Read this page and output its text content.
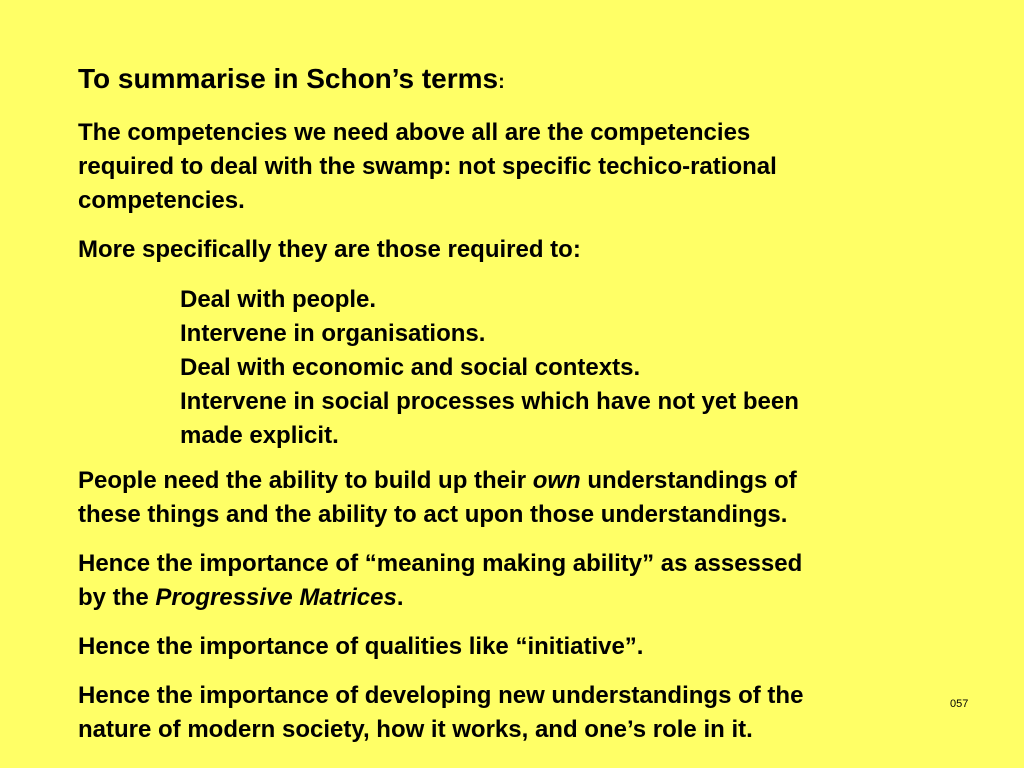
To summarise in Schon’s terms:

The competencies we need above all are the competencies
required to deal with the swamp: not specific techico-rational
competencies.

More specifically they are those required to:

Deal with people.
Intervene in organisations.
Deal with economic and social contexts.
Intervene in social processes which have not yet been
made explicit.

People need the ability to build up their own understandings of
these things and the ability to act upon those understandings.

Hence the importance of “meaning making ability” as assessed
by the Progressive Matrices.

Hence the importance of qualities like “initiative”.

Hence the importance of developing new understandings of the
nature of modern society, how it works, and one’s role in it.

057
